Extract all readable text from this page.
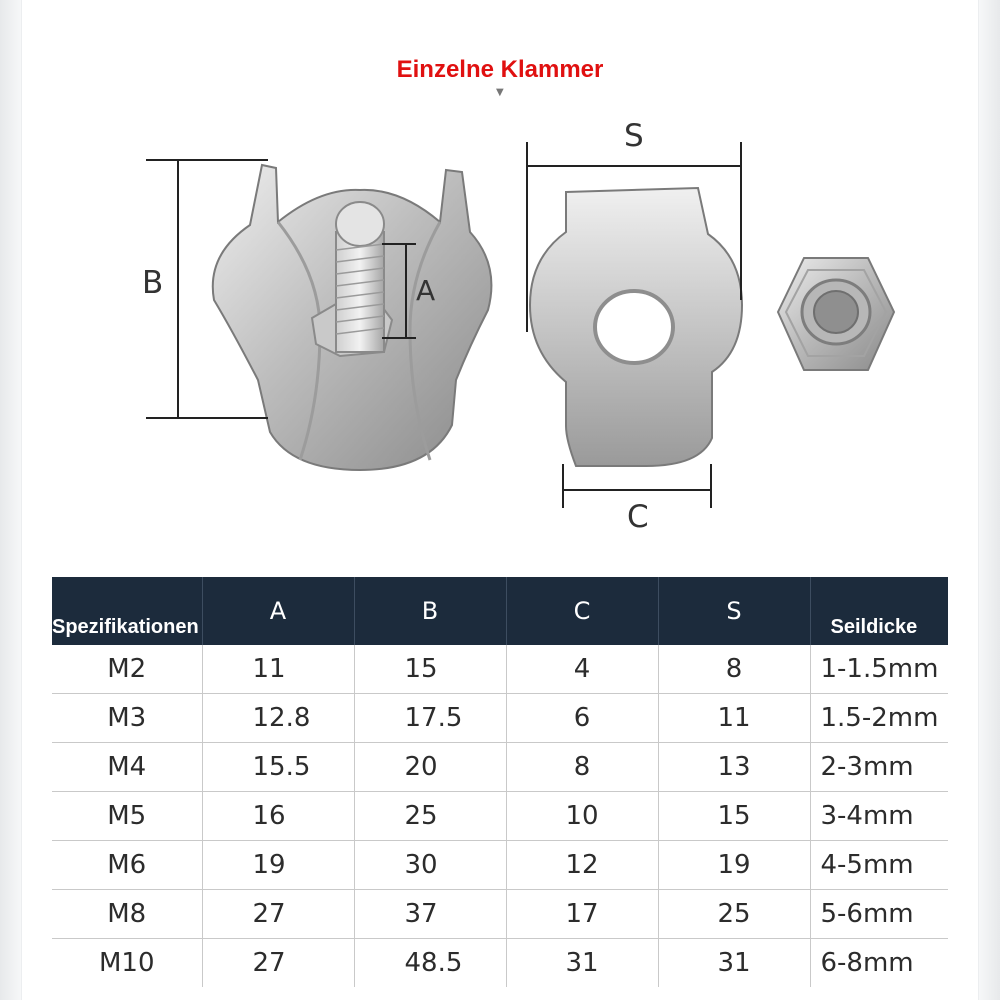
Einzelne Klammer
▼
B	A
S
C
Spezifikationen	A	B	C	S	Seildicke
M2	11	15	4	8	1-1.5mm
M3	12.8	17.5	6	11	1.5-2mm
M4	15.5	20	8	13	2-3mm
M5	16	25	10	15	3-4mm
M6	19	30	12	19	4-5mm
M8	27	37	17	25	5-6mm
M10	27	48.5	31	31	6-8mm
